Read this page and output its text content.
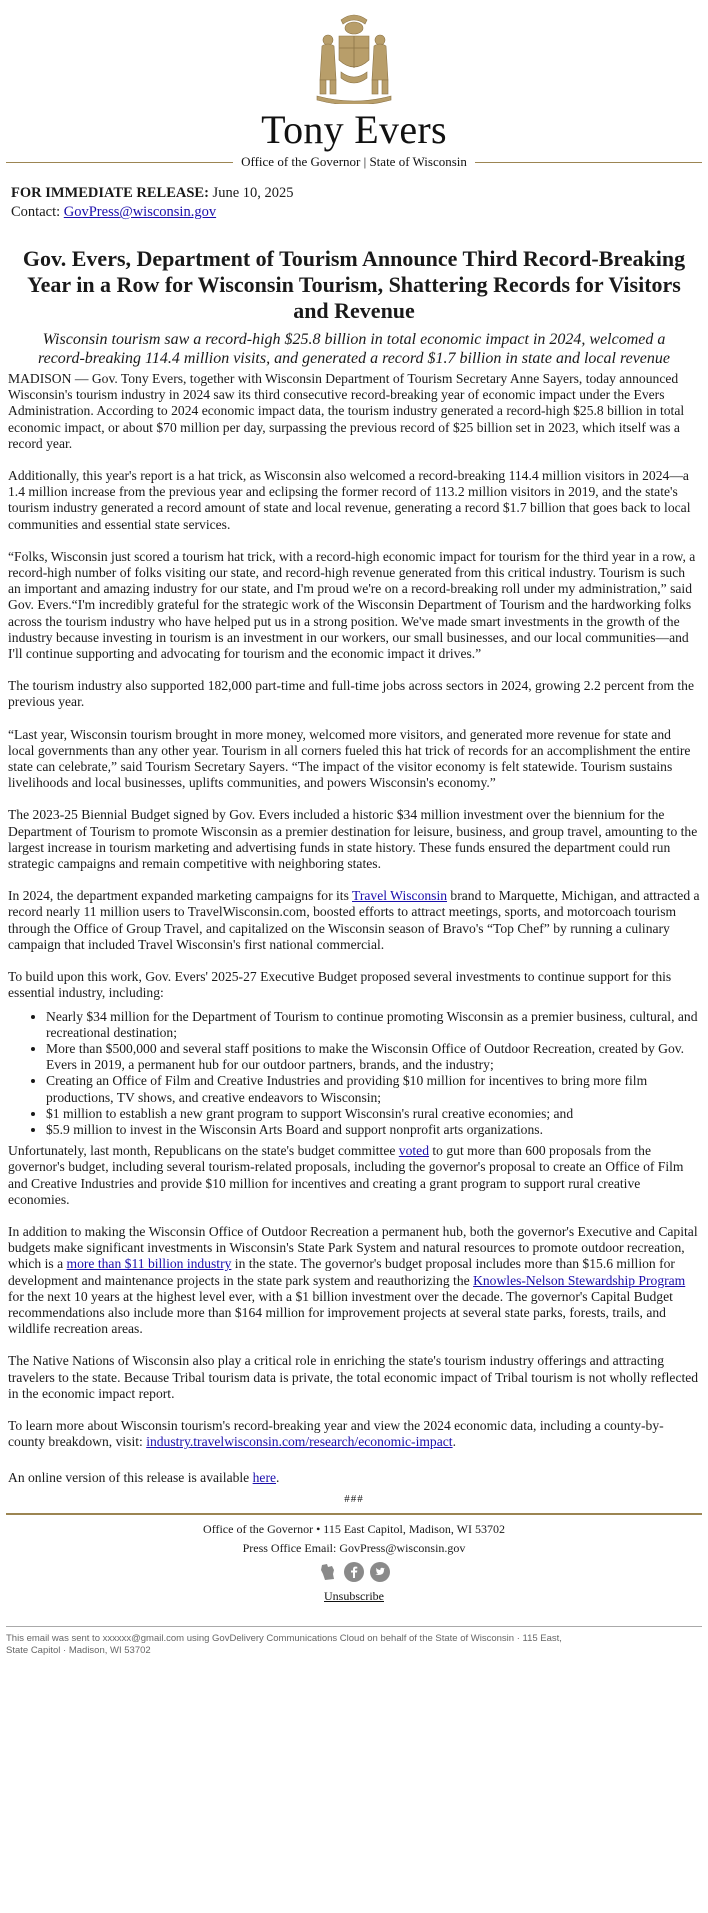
Tony Evers
Office of the Governor | State of Wisconsin
FOR IMMEDIATE RELEASE: June 10, 2025
Contact: GovPress@wisconsin.gov
Gov. Evers, Department of Tourism Announce Third Record-Breaking Year in a Row for Wisconsin Tourism, Shattering Records for Visitors and Revenue
Wisconsin tourism saw a record-high $25.8 billion in total economic impact in 2024, welcomed a record-breaking 114.4 million visits, and generated a record $1.7 billion in state and local revenue

MADISON — Gov. Tony Evers, together with Wisconsin Department of Tourism Secretary Anne Sayers, today announced Wisconsin's tourism industry in 2024 saw its third consecutive record-breaking year of economic impact under the Evers Administration. According to 2024 economic impact data, the tourism industry generated a record-high $25.8 billion in total economic impact, or about $70 million per day, surpassing the previous record of $25 billion set in 2023, which itself was a record year.

Additionally, this year's report is a hat trick, as Wisconsin also welcomed a record-breaking 114.4 million visitors in 2024—a 1.4 million increase from the previous year and eclipsing the former record of 113.2 million visitors in 2019, and the state's tourism industry generated a record amount of state and local revenue, generating a record $1.7 billion that goes back to local communities and essential state services.

“Folks, Wisconsin just scored a tourism hat trick, with a record-high economic impact for tourism for the third year in a row, a record-high number of folks visiting our state, and record-high revenue generated from this critical industry. Tourism is such an important and amazing industry for our state, and I'm proud we're on a record-breaking roll under my administration,” said Gov. Evers.“I'm incredibly grateful for the strategic work of the Wisconsin Department of Tourism and the hardworking folks across the tourism industry who have helped put us in a strong position. We've made smart investments in the growth of the industry because investing in tourism is an investment in our workers, our small businesses, and our local communities—and I'll continue supporting and advocating for tourism and the economic impact it drives.”

The tourism industry also supported 182,000 part-time and full-time jobs across sectors in 2024, growing 2.2 percent from the previous year.

“Last year, Wisconsin tourism brought in more money, welcomed more visitors, and generated more revenue for state and local governments than any other year. Tourism in all corners fueled this hat trick of records for an accomplishment the entire state can celebrate,” said Tourism Secretary Sayers. “The impact of the visitor economy is felt statewide. Tourism sustains livelihoods and local businesses, uplifts communities, and powers Wisconsin's economy.”

The 2023-25 Biennial Budget signed by Gov. Evers included a historic $34 million investment over the biennium for the Department of Tourism to promote Wisconsin as a premier destination for leisure, business, and group travel, amounting to the largest increase in tourism marketing and advertising funds in state history. These funds ensured the department could run strategic campaigns and remain competitive with neighboring states.

In 2024, the department expanded marketing campaigns for its Travel Wisconsin brand to Marquette, Michigan, and attracted a record nearly 11 million users to TravelWisconsin.com, boosted efforts to attract meetings, sports, and motorcoach tourism through the Office of Group Travel, and capitalized on the Wisconsin season of Bravo's “Top Chef” by running a culinary campaign that included Travel Wisconsin's first national commercial.

To build upon this work, Gov. Evers' 2025-27 Executive Budget proposed several investments to continue support for this essential industry, including:

• Nearly $34 million for the Department of Tourism to continue promoting Wisconsin as a premier business, cultural, and recreational destination;
• More than $500,000 and several staff positions to make the Wisconsin Office of Outdoor Recreation, created by Gov. Evers in 2019, a permanent hub for our outdoor partners, brands, and the industry;
• Creating an Office of Film and Creative Industries and providing $10 million for incentives to bring more film productions, TV shows, and creative endeavors to Wisconsin;
• $1 million to establish a new grant program to support Wisconsin's rural creative economies; and
• $5.9 million to invest in the Wisconsin Arts Board and support nonprofit arts organizations.

Unfortunately, last month, Republicans on the state's budget committee voted to gut more than 600 proposals from the governor's budget, including several tourism-related proposals, including the governor's proposal to create an Office of Film and Creative Industries and provide $10 million for incentives and creating a grant program to support rural creative economies.

In addition to making the Wisconsin Office of Outdoor Recreation a permanent hub, both the governor's Executive and Capital budgets make significant investments in Wisconsin's State Park System and natural resources to promote outdoor recreation, which is a more than $11 billion industry in the state. The governor's budget proposal includes more than $15.6 million for development and maintenance projects in the state park system and reauthorizing the Knowles-Nelson Stewardship Program for the next 10 years at the highest level ever, with a $1 billion investment over the decade. The governor's Capital Budget recommendations also include more than $164 million for improvement projects at several state parks, forests, trails, and wildlife recreation areas.

The Native Nations of Wisconsin also play a critical role in enriching the state's tourism industry offerings and attracting travelers to the state. Because Tribal tourism data is private, the total economic impact of Tribal tourism is not wholly reflected in the economic impact report.

To learn more about Wisconsin tourism's record-breaking year and view the 2024 economic data, including a county-by-county breakdown, visit: industry.travelwisconsin.com/research/economic-impact.

An online version of this release is available here.

###
Office of the Governor • 115 East Capitol, Madison, WI 53702
Press Office Email: GovPress@wisconsin.gov
Unsubscribe
This email was sent to xxxxxx@gmail.com using GovDelivery Communications Cloud on behalf of the State of Wisconsin · 115 East, State Capitol · Madison, WI 53702
